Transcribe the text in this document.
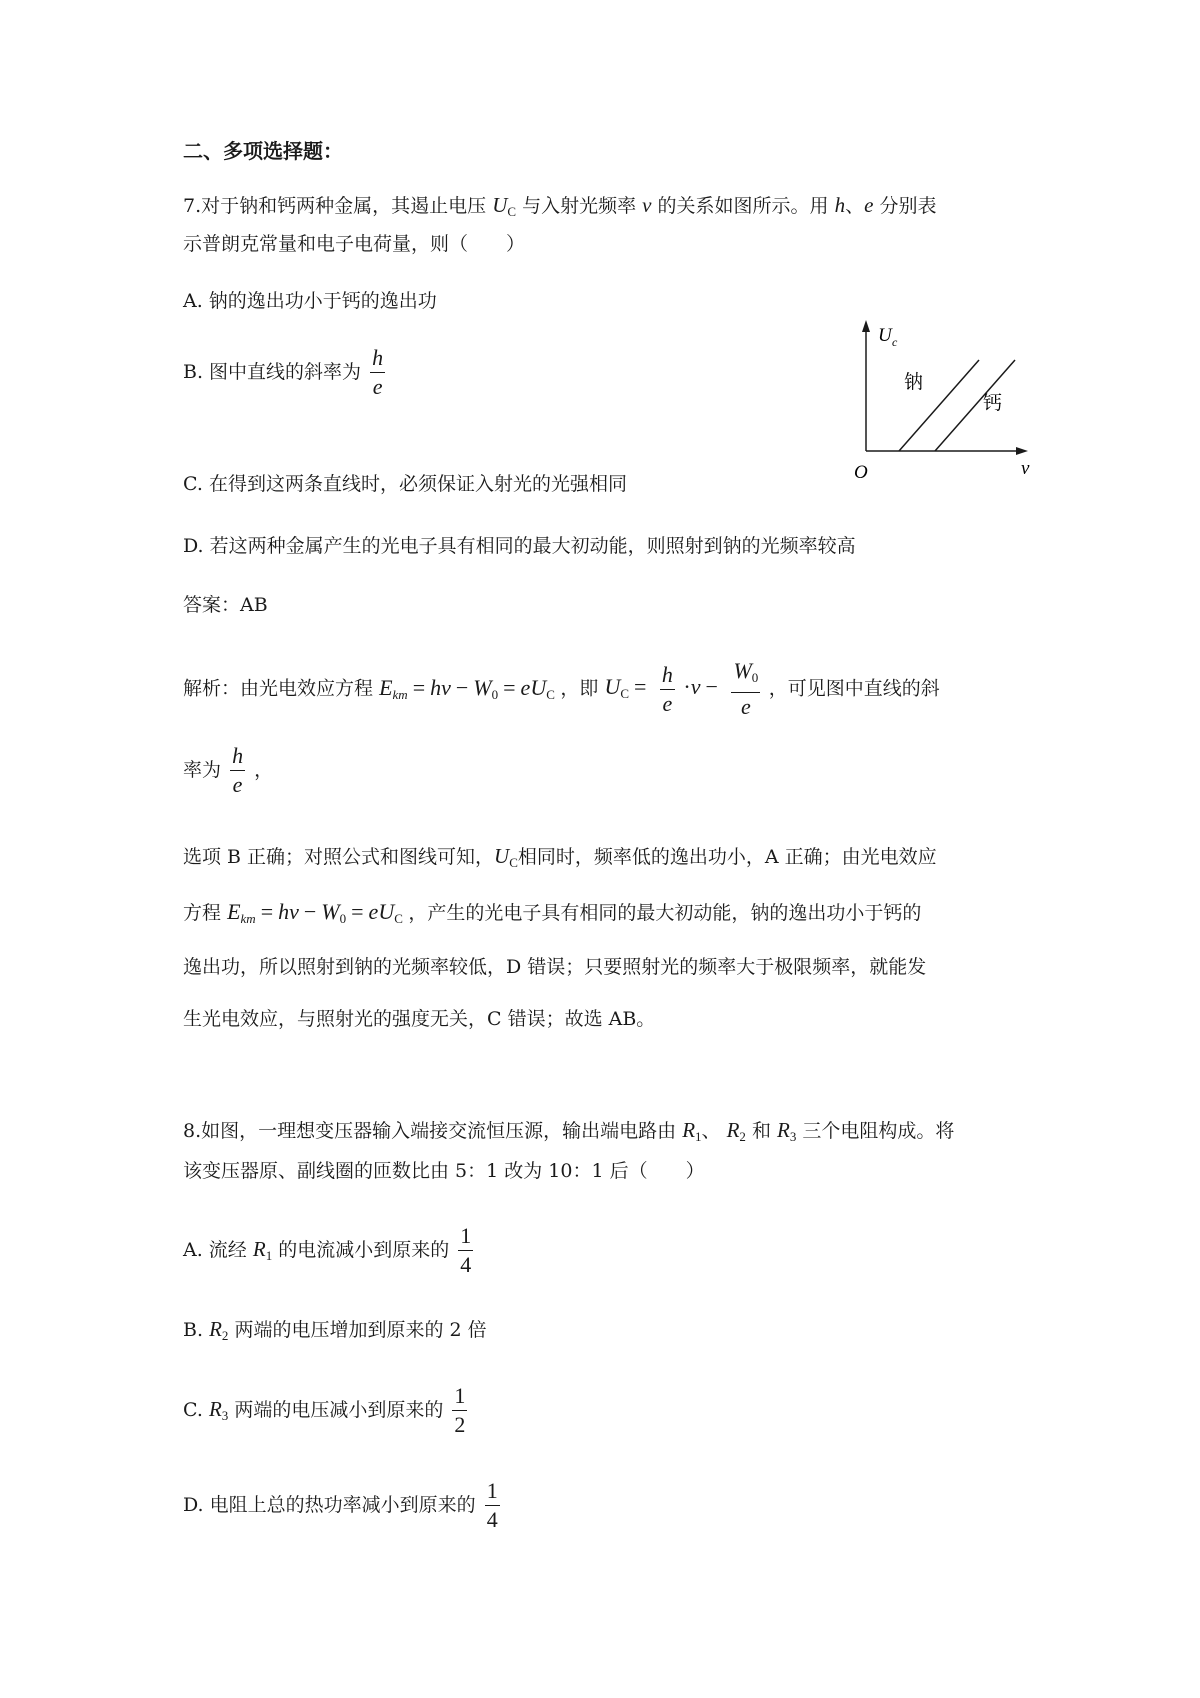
二、多项选择题：
7.对于钠和钙两种金属，其遏止电压 $U_C$ 与入射光频率 v 的关系如图所示。用 h、e 分别表
示普朗克常量和电子电荷量，则（　　）
A. 钠的逸出功小于钙的逸出功
B. 图中直线的斜率为 $\frac{h}{e}$
C. 在得到这两条直线时，必须保证入射光的光强相同
D. 若这两种金属产生的光电子具有相同的最大初动能，则照射到钠的光频率较高
U c
v
O
钠
钙
答案：AB
解析：由光电效应方程 $E_{km} = h\nu - W_0 = eU_C$ ，即 $U_C = \frac{h}{e} \cdot\nu - \frac{W_0}{e}$ ，可见图中直线的斜
率为 $\frac{h}{e}$ ，
选项 B 正确；对照公式和图线可知，$U_C$相同时，频率低的逸出功小，A 正确；由光电效应
方程 $E_{km} = h\nu - W_0 = eU_C$ ，产生的光电子具有相同的最大初动能，钠的逸出功小于钙的
逸出功，所以照射到钠的光频率较低，D 错误；只要照射光的频率大于极限频率，就能发
生光电效应，与照射光的强度无关，C 错误；故选 AB。
8.如图，一理想变压器输入端接交流恒压源，输出端电路由 $R_1$、 $R_2$ 和 $R_3$ 三个电阻构成。将
该变压器原、副线圈的匝数比由 5：1 改为 10：1 后（　　）
A. 流经 $R_1$ 的电流减小到原来的 $\frac{1}{4}$
B. $R_2$ 两端的电压增加到原来的 2 倍
C. $R_3$ 两端的电压减小到原来的 $\frac{1}{2}$
D. 电阻上总的热功率减小到原来的 $\frac{1}{4}$
